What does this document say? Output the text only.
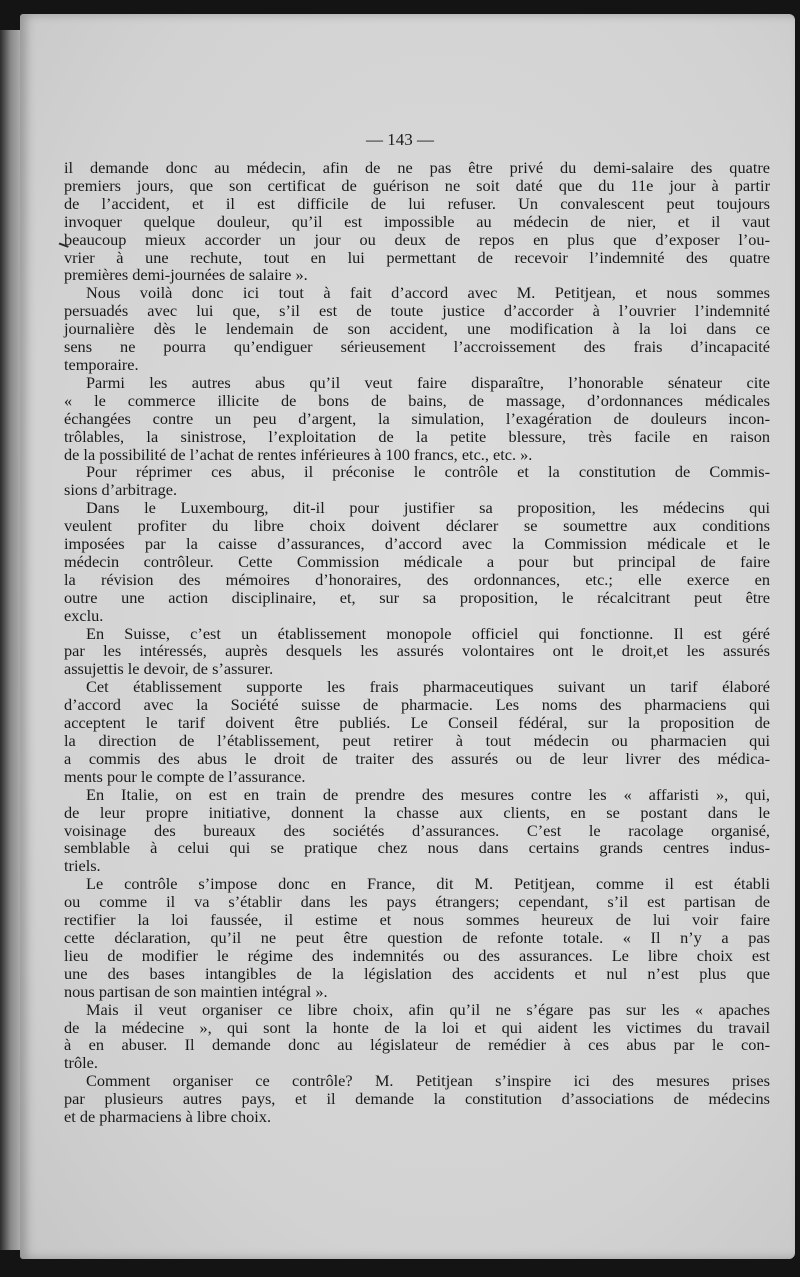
— 143 —
il demande donc au médecin, afin de ne pas être privé du demi-salaire des quatre
premiers jours, que son certificat de guérison ne soit daté que du 11e jour à partir
de l’accident, et il est difficile de lui refuser. Un convalescent peut toujours
invoquer quelque douleur, qu’il est impossible au médecin de nier, et il vaut
beaucoup mieux accorder un jour ou deux de repos en plus que d’exposer l’ou-
vrier à une rechute, tout en lui permettant de recevoir l’indemnité des quatre
premières demi-journées de salaire ».
Nous voilà donc ici tout à fait d’accord avec M. Petitjean, et nous sommes
persuadés avec lui que, s’il est de toute justice d’accorder à l’ouvrier l’indemnité
journalière dès le lendemain de son accident, une modification à la loi dans ce
sens ne pourra qu’endiguer sérieusement l’accroissement des frais d’incapacité
temporaire.
Parmi les autres abus qu’il veut faire disparaître, l’honorable sénateur cite
« le commerce illicite de bons de bains, de massage, d’ordonnances médicales
échangées contre un peu d’argent, la simulation, l’exagération de douleurs incon-
trôlables, la sinistrose, l’exploitation de la petite blessure, très facile en raison
de la possibilité de l’achat de rentes inférieures à 100 francs, etc., etc. ».
Pour réprimer ces abus, il préconise le contrôle et la constitution de Commis-
sions d’arbitrage.
Dans le Luxembourg, dit-il pour justifier sa proposition, les médecins qui
veulent profiter du libre choix doivent déclarer se soumettre aux conditions
imposées par la caisse d’assurances, d’accord avec la Commission médicale et le
médecin contrôleur. Cette Commission médicale a pour but principal de faire
la révision des mémoires d’honoraires, des ordonnances, etc.; elle exerce en
outre une action disciplinaire, et, sur sa proposition, le récalcitrant peut être
exclu.
En Suisse, c’est un établissement monopole officiel qui fonctionne. Il est géré
par les intéressés, auprès desquels les assurés volontaires ont le droit,et les assurés
assujettis le devoir, de s’assurer.
Cet établissement supporte les frais pharmaceutiques suivant un tarif élaboré
d’accord avec la Société suisse de pharmacie. Les noms des pharmaciens qui
acceptent le tarif doivent être publiés. Le Conseil fédéral, sur la proposition de
la direction de l’établissement, peut retirer à tout médecin ou pharmacien qui
a commis des abus le droit de traiter des assurés ou de leur livrer des médica-
ments pour le compte de l’assurance.
En Italie, on est en train de prendre des mesures contre les « affaristi », qui,
de leur propre initiative, donnent la chasse aux clients, en se postant dans le
voisinage des bureaux des sociétés d’assurances. C’est le racolage organisé,
semblable à celui qui se pratique chez nous dans certains grands centres indus-
triels.
Le contrôle s’impose donc en France, dit M. Petitjean, comme il est établi
ou comme il va s’établir dans les pays étrangers; cependant, s’il est partisan de
rectifier la loi faussée, il estime et nous sommes heureux de lui voir faire
cette déclaration, qu’il ne peut être question de refonte totale. « Il n’y a pas
lieu de modifier le régime des indemnités ou des assurances. Le libre choix est
une des bases intangibles de la législation des accidents et nul n’est plus que
nous partisan de son maintien intégral ».
Mais il veut organiser ce libre choix, afin qu’il ne s’égare pas sur les « apaches
de la médecine », qui sont la honte de la loi et qui aident les victimes du travail
à en abuser. Il demande donc au législateur de remédier à ces abus par le con-
trôle.
Comment organiser ce contrôle? M. Petitjean s’inspire ici des mesures prises
par plusieurs autres pays, et il demande la constitution d’associations de médecins
et de pharmaciens à libre choix.
